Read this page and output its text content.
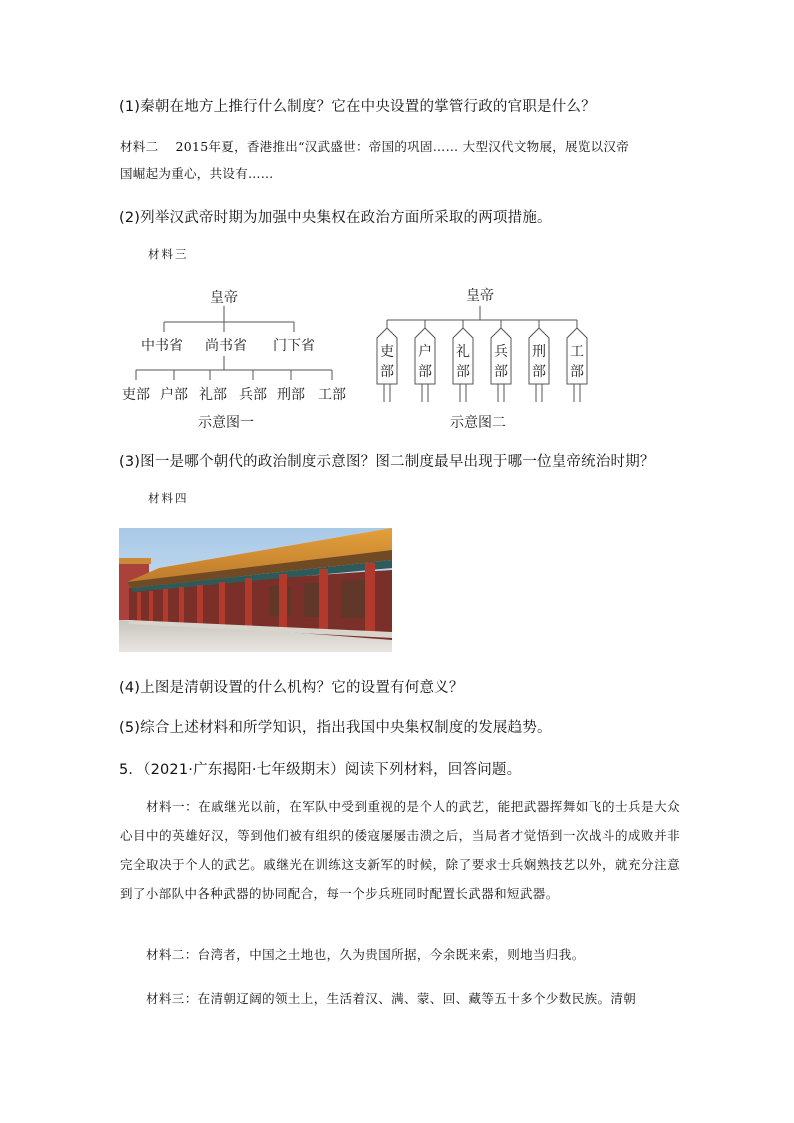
(1)秦朝在地方上推行什么制度？它在中央设置的掌管行政的官职是什么？
材料二　 2015年夏，香港推出“汉武盛世：帝国的巩固…… 大型汉代文物展，展览以汉帝
国崛起为重心，共设有……
(2)列举汉武帝时期为加强中央集权在政治方面所采取的两项措施。
材料三
皇帝
中书省 尚书省 门下省
吏部 户部 礼部 兵部 刑部 工部
示意图一
吏
部
户
部
礼
部
兵
部
刑
部
工
部
皇帝
示意图二
(3)图一是哪个朝代的政治制度示意图？图二制度最早出现于哪一位皇帝统治时期？
材料四
(4)上图是清朝设置的什么机构？它的设置有何意义？
(5)综合上述材料和所学知识，指出我国中央集权制度的发展趋势。
5．（2021·广东揭阳·七年级期末）阅读下列材料，回答问题。
材料一：在戚继光以前，在军队中受到重视的是个人的武艺，能把武器挥舞如飞的士兵是大众心目中的英雄好汉，等到他们被有组织的倭寇屡屡击溃之后，当局者才觉悟到一次战斗的成败并非完全取决于个人的武艺。戚继光在训练这支新军的时候，除了要求士兵娴熟技艺以外，就充分注意到了小部队中各种武器的协同配合，每一个步兵班同时配置长武器和短武器。
材料二：台湾者，中国之土地也，久为贵国所据，今余既来索，则地当归我。
材料三：在清朝辽阔的领土上，生活着汉、满、蒙、回、藏等五十多个少数民族。清朝
